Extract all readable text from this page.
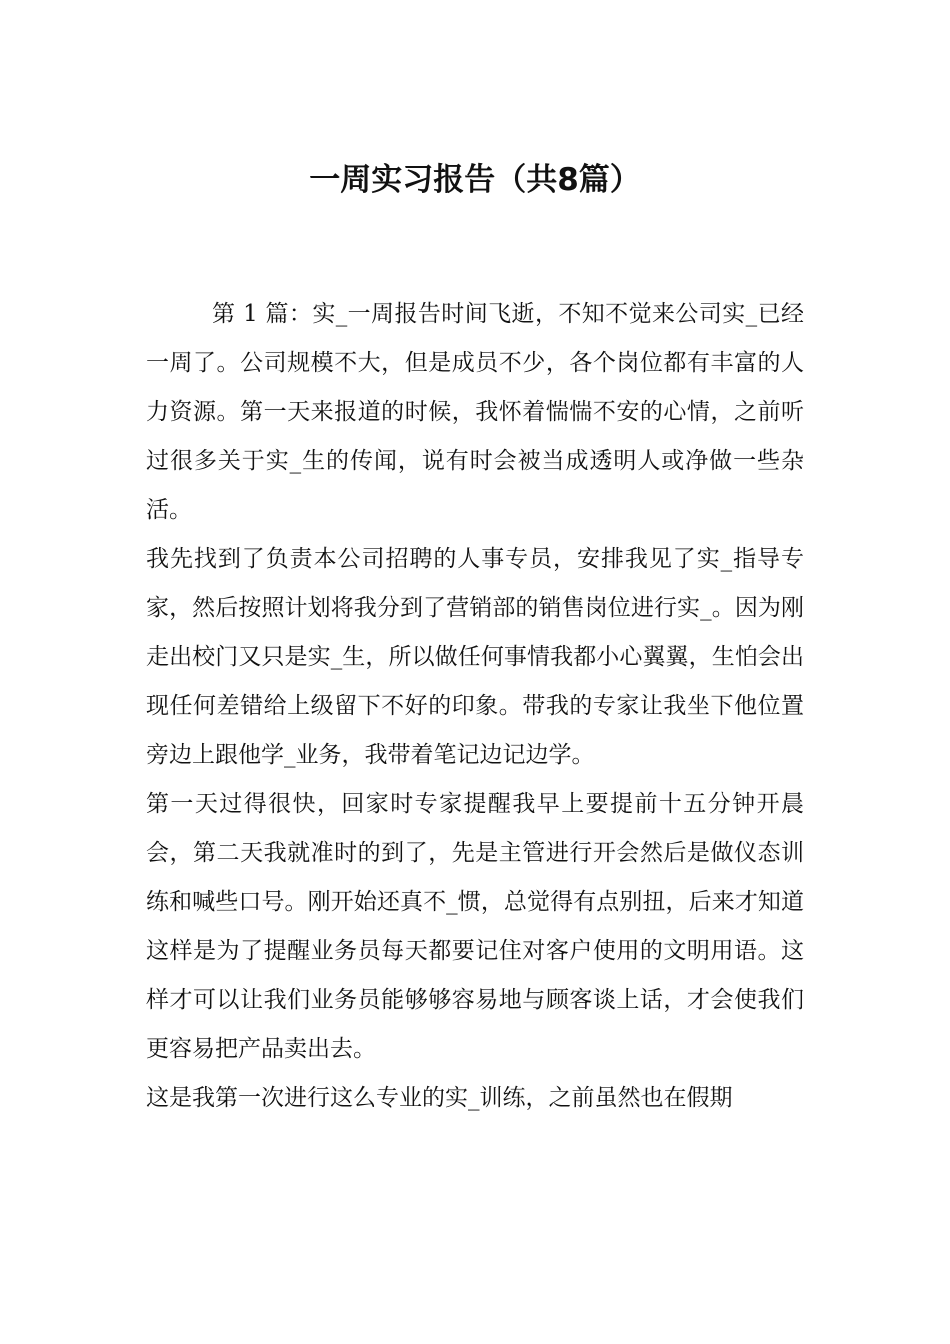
一周实习报告（共8篇）

第 1 篇：实_一周报告时间飞逝，不知不觉来公司实_已经一周了。公司规模不大，但是成员不少，各个岗位都有丰富的人力资源。第一天来报道的时候，我怀着惴惴不安的心情，之前听过很多关于实_生的传闻，说有时会被当成透明人或净做一些杂活。

我先找到了负责本公司招聘的人事专员，安排我见了实_指导专家，然后按照计划将我分到了营销部的销售岗位进行实_。因为刚走出校门又只是实_生，所以做任何事情我都小心翼翼，生怕会出现任何差错给上级留下不好的印象。带我的专家让我坐下他位置旁边上跟他学_业务，我带着笔记边记边学。

第一天过得很快，回家时专家提醒我早上要提前十五分钟开晨会，第二天我就准时的到了，先是主管进行开会然后是做仪态训练和喊些口号。刚开始还真不_惯，总觉得有点别扭，后来才知道这样是为了提醒业务员每天都要记住对客户使用的文明用语。这样才可以让我们业务员能够够容易地与顾客谈上话，才会使我们更容易把产品卖出去。

这是我第一次进行这么专业的实_训练，之前虽然也在假期
